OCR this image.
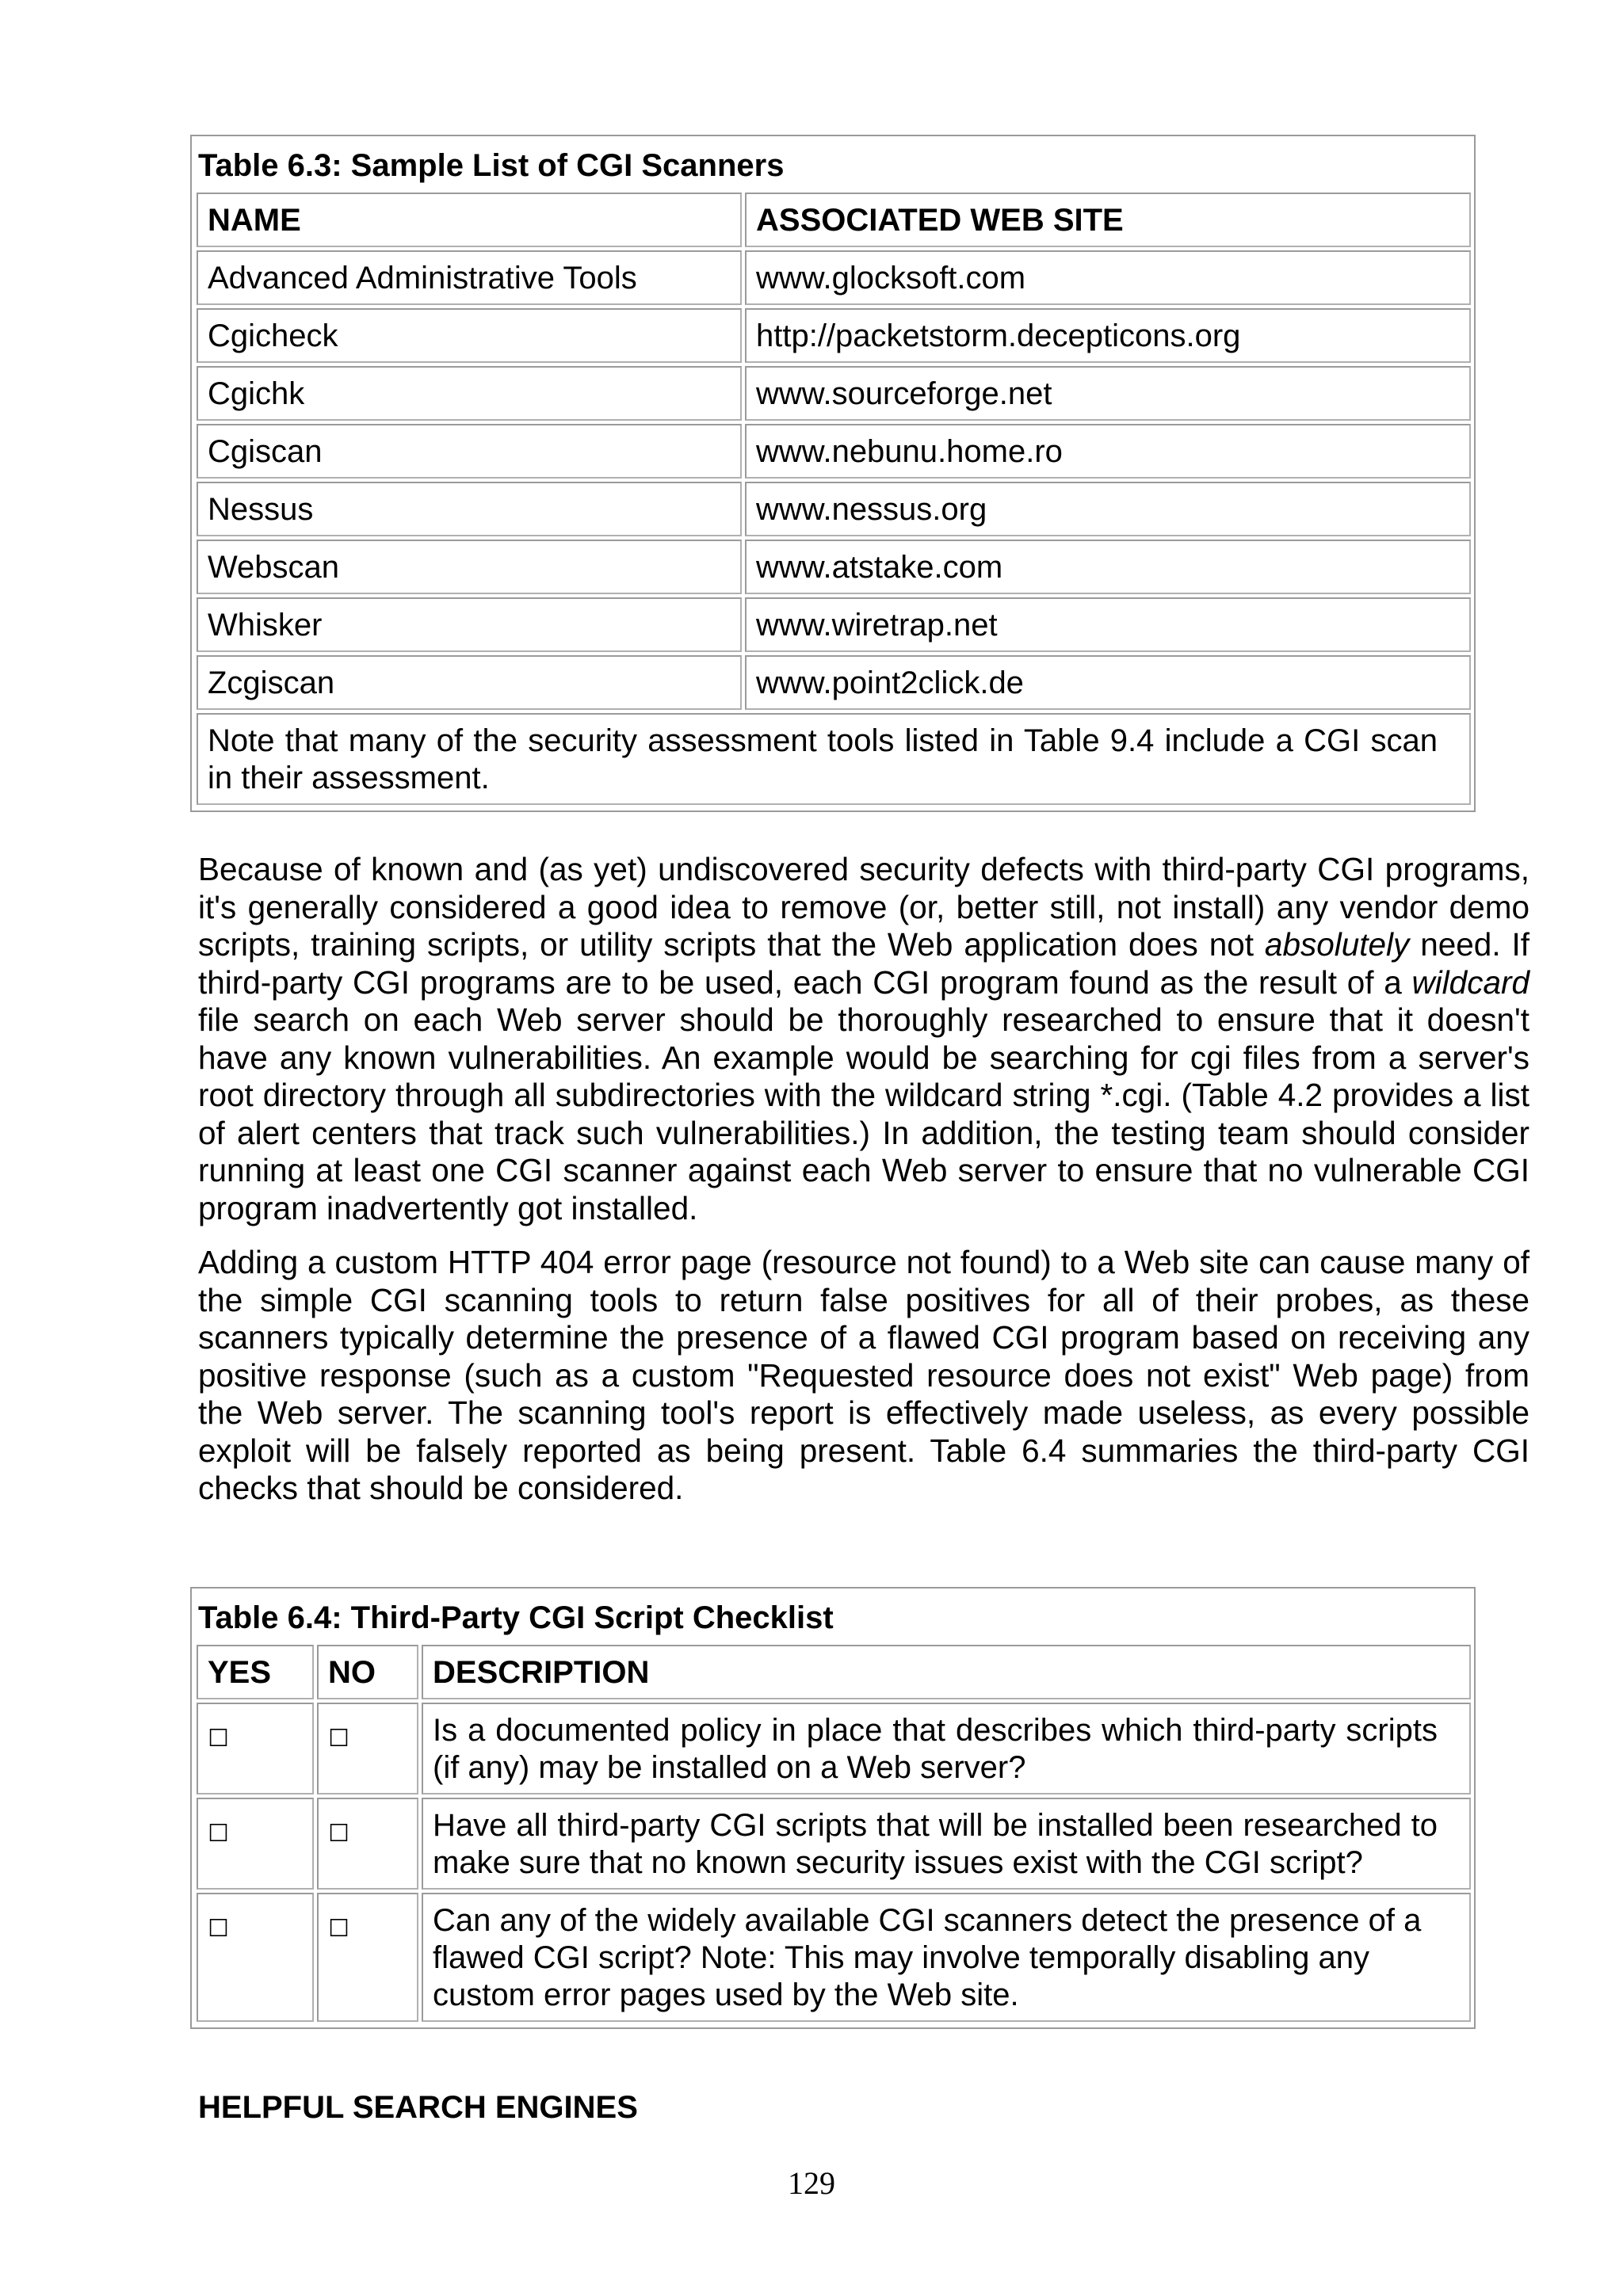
Table 6.3: Sample List of CGI Scanners	
NAME	ASSOCIATED WEB SITE
Advanced Administrative Tools	www.glocksoft.com
Cgicheck	http://packetstorm.decepticons.org
Cgichk	www.sourceforge.net
Cgiscan	www.nebunu.home.ro
Nessus	www.nessus.org
Webscan	www.atstake.com
Whisker	www.wiretrap.net
Zcgiscan	www.point2click.de
Note that many of the security assessment tools listed in Table 9.4 include a CGI scan in their assessment.	
Because of known and (as yet) undiscovered security defects with third-party CGI programs, it's generally considered a good idea to remove (or, better still, not install) any vendor demo scripts, training scripts, or utility scripts that the Web application does not absolutely need. If third-party CGI programs are to be used, each CGI program found as the result of a wildcard file search on each Web server should be thoroughly researched to ensure that it doesn't have any known vulnerabilities. An example would be searching for cgi files from a server's root directory through all subdirectories with the wildcard string *.cgi. (Table 4.2 provides a list of alert centers that track such vulnerabilities.) In addition, the testing team should consider running at least one CGI scanner against each Web server to ensure that no vulnerable CGI program inadvertently got installed.
Adding a custom HTTP 404 error page (resource not found) to a Web site can cause many of the simple CGI scanning tools to return false positives for all of their probes, as these scanners typically determine the presence of a flawed CGI program based on receiving any positive response (such as a custom "Requested resource does not exist" Web page) from the Web server. The scanning tool's report is effectively made useless, as every possible exploit will be falsely reported as being present. Table 6.4 summaries the third-party CGI checks that should be considered.
Table 6.4: Third-Party CGI Script Checklist		
YES	NO	DESCRIPTION
☐	☐	Is a documented policy in place that describes which third-party scripts (if any) may be installed on a Web server?
☐	☐	Have all third-party CGI scripts that will be installed been researched to make sure that no known security issues exist with the CGI script?
☐	☐	Can any of the widely available CGI scanners detect the presence of a flawed CGI script? Note: This may involve temporally disabling any custom error pages used by the Web site.
HELPFUL SEARCH ENGINES
129
